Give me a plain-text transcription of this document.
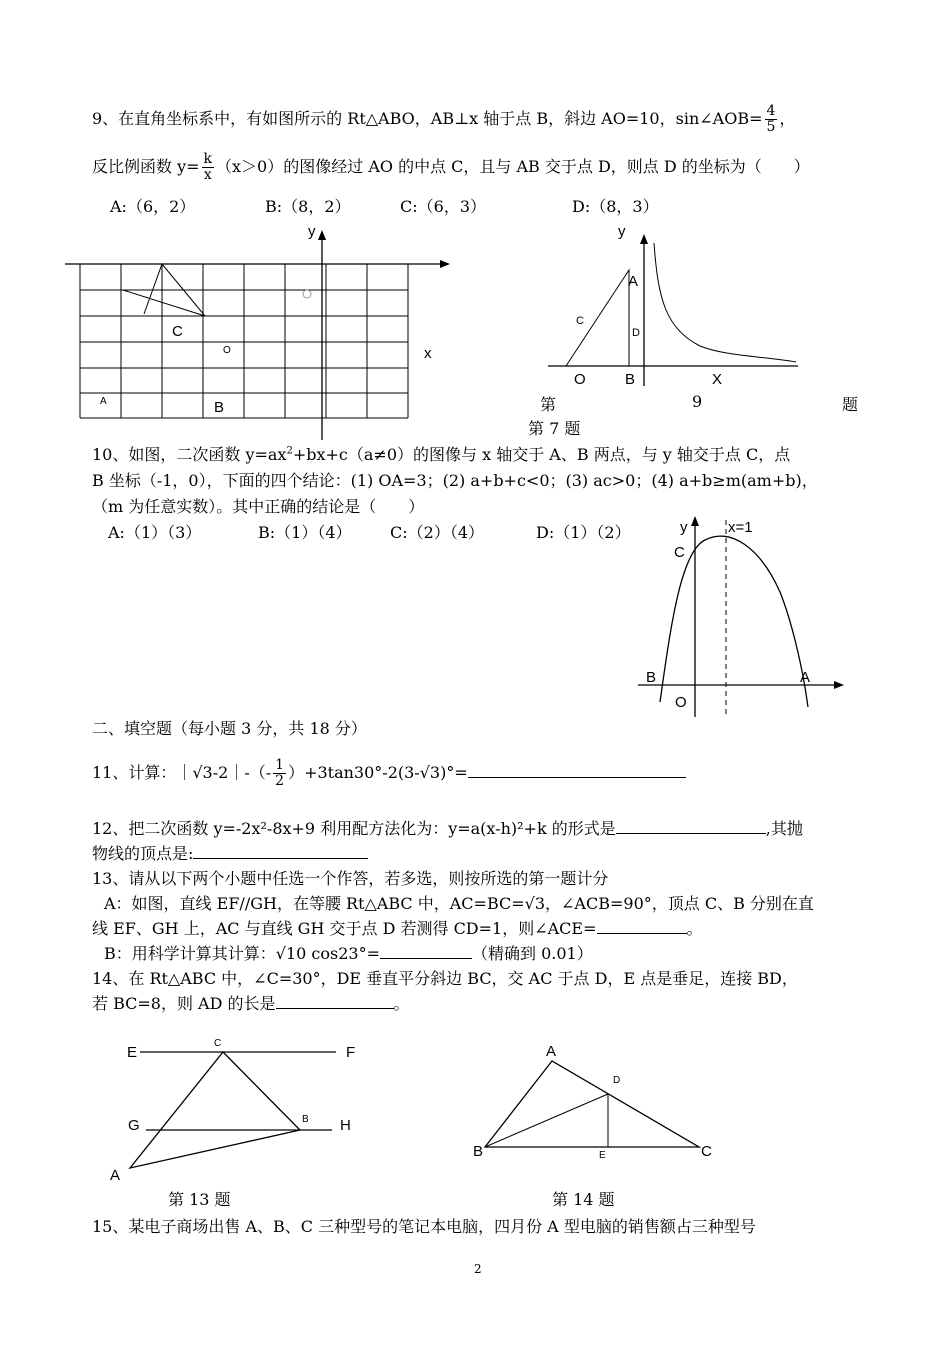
9、在直角坐标系中，有如图所示的 Rt△ABO，AB⊥x 轴于点 B，斜边 AO=10，sin∠AOB= $\frac{4}{5}$ ，
反比例函数 $y= \frac{k}{x} (x>0)$的图像经过 AO 的中点 C，且与 AB 交于点 D，则点 D 的坐标为（　　）
A:（6，2）	B:（8，2）	C:（6，3）	D:（8，3）
y
x
C
O
A	B
y
A
C
D
O	B	X
第	9	题
第 7 题
10、如图，二次函数 $y=ax^2+bx+c(a\ne 0)$的图像与 x 轴交于 A、B 两点，与 y 轴交于点 C，点
B 坐标（-1，0），下面的四个结论：(1) OA=3；(2) a+b+c<0；(3) ac>0；(4) a+b≥m(am+b)，
（m 为任意实数）。其中正确的结论是（　　）
A:（1）（3）	B:（1）（4） C:（2）（4）	D:（1）（2）	y	x=1
C
B	A
O
二、填空题（每小题 3 分，共 18 分）
11、计算：｜√3-2｜-（- $\frac{1}{2} )+3\tan 30^\circ-2(3-√3)^\circ=$
12、把二次函数 y=-2x²-8x+9 利用配方法化为：y=a(x-h)²+k 的形式是	,其抛
物线的顶点是:
13、请从以下两个小题中任选一个作答，若多选，则按所选的第一题计分
A：如图，直线 EF//GH，在等腰 Rt△ABC 中，AC=BC=√3，∠ACB=90°，顶点 C、B 分别在直
线 EF、GH 上，AC 与直线 GH 交于点 D 若测得 CD=1，则∠ACE=	。
B：用科学计算其计算：√10 cos23°=	（精确到 0.01）
14、在 Rt△ABC 中，∠C=30°，DE 垂直平分斜边 BC，交 AC 于点 D，E 点是垂足，连接 BD，
若 BC=8，则 AD 的长是	。
E
C
F
G	B H
A
第 13 题
A
D
B	E	C
第 14 题
15、某电子商场出售 A、B、C 三种型号的笔记本电脑，四月份 A 型电脑的销售额占三种型号
2
